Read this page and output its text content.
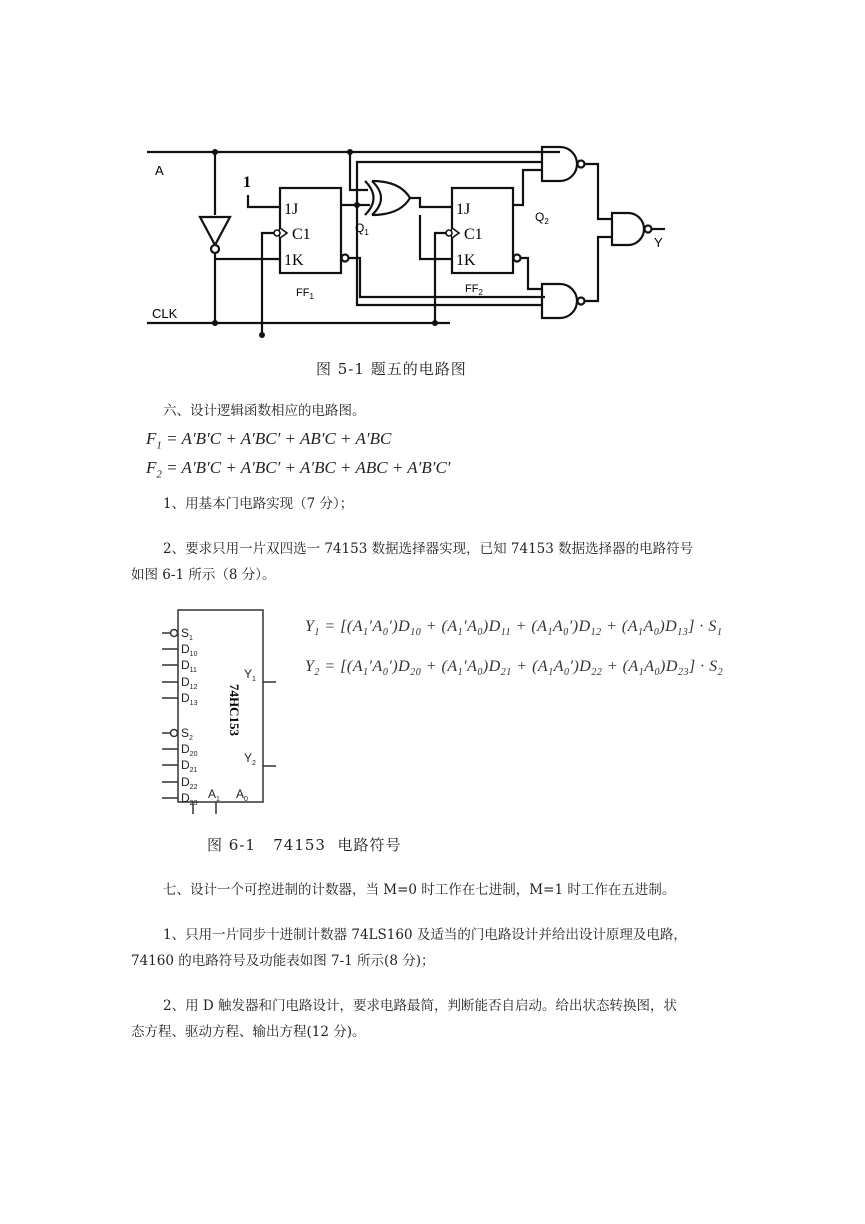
A
1
CLK
1J
C1
1K
1J
C1
1K
$Q_1$
$Q_2$
$FF_1$
$FF_2$
Y
图 5-1 题五的电路图
六、设计逻辑函数相应的电路图。
$F_1 = A'B'C + A'BC' + AB'C + A'BC$
$F_2 = A'B'C + A'BC' + A'BC$ + ABC + A′B′C′
1、用基本门电路实现（7 分）；
2、要求只用一片双四选一 74153 数据选择器实现，已知 74153 数据选择器的电路符号
如图 6-1 所示（8 分）。
$S_1$
$D_{10}$
$D_{11}$
$D_{12}$
$D_{13}$
$S_2$
$D_{20}$
$D_{21}$
$D_{22}$
$D_{23}$
$Y_1$
$Y_2$
$A_1$ $A_0$
74HC153
$Y_1 = [(A_1'A_0')D_{10} + (A_1'A_0)D_{11} + (A_1A_0')D_{12} + (A_1A_0)D_{13}] \cdot S_1$
$Y_2 = [(A_1'A_0')D_{20} + (A_1'A_0)D_{21} + (A_1A_0')D_{22} + (A_1A_0)D_{23}] \cdot S_2$
图 6-1   74153  电路符号
七、设计一个可控进制的计数器，当 M=0 时工作在七进制，M=1 时工作在五进制。
1、只用一片同步十进制计数器 74LS160 及适当的门电路设计并给出设计原理及电路，
74160 的电路符号及功能表如图 7-1 所示(8 分)；
2、用 D 触发器和门电路设计，要求电路最简，判断能否自启动。给出状态转换图，状
态方程、驱动方程、输出方程(12 分)。
